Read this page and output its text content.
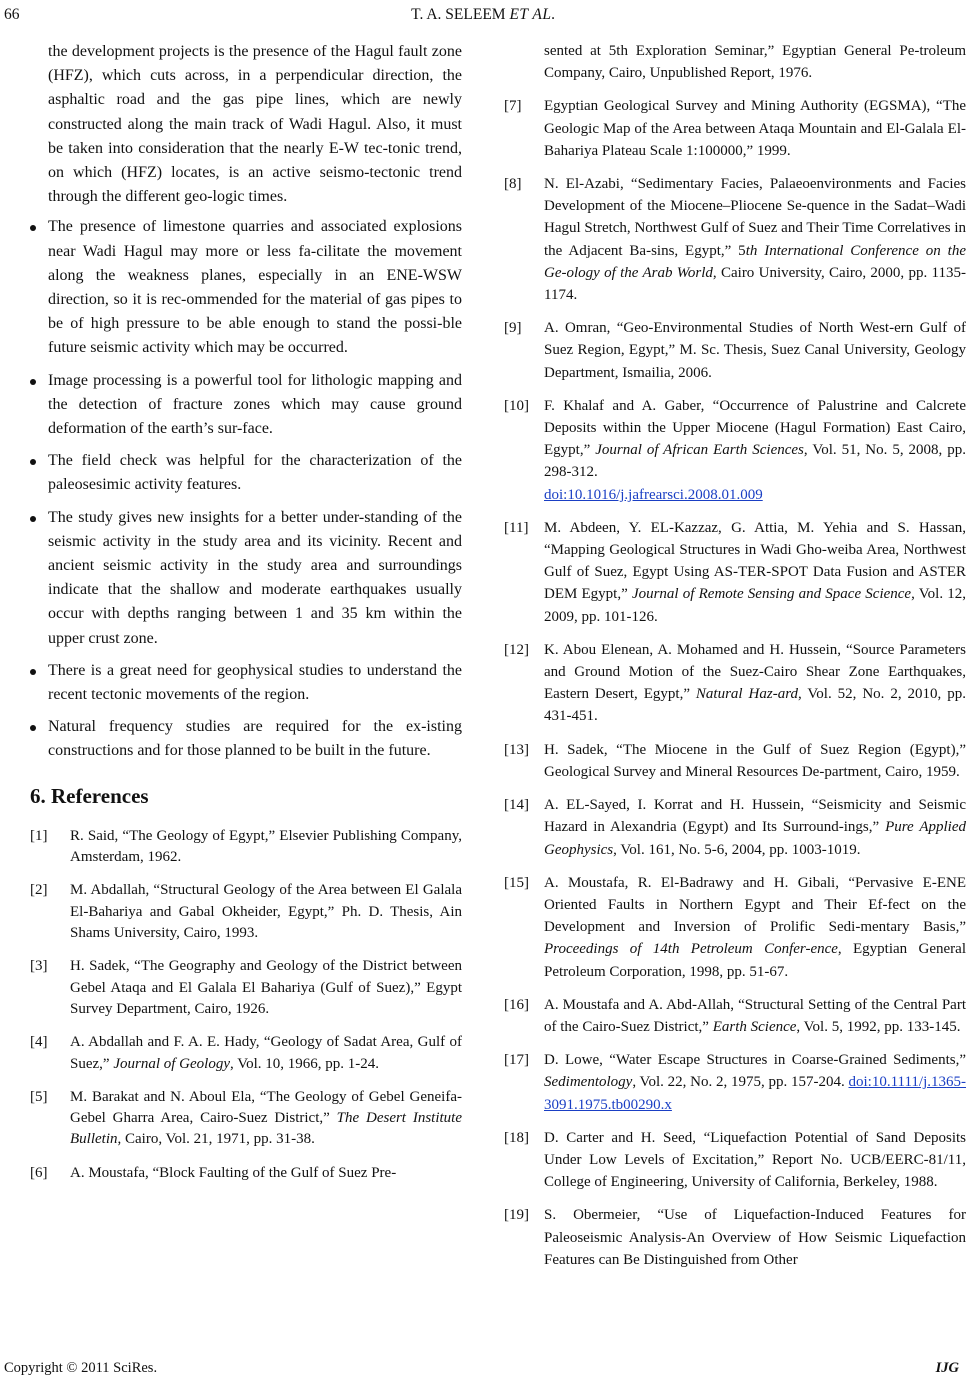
66	T. A. SELEEM ET AL.

the development projects is the presence of the Hagul fault zone (HFZ), which cuts across, in a perpendicular direction, the asphaltic road and the gas pipe lines, which are newly constructed along the main track of Wadi Hagul. Also, it must be taken into consideration that the nearly E-W tec-tonic trend, on which (HFZ) locates, is an active seismo-tectonic trend through the different geo-logic times.

The presence of limestone quarries and associated explosions near Wadi Hagul may more or less fa-cilitate the movement along the weakness planes, especially in an ENE-WSW direction, so it is rec-ommended for the material of gas pipes to be of high pressure to be able enough to stand the possi-ble future seismic activity which may be occurred.
Image processing is a powerful tool for lithologic mapping and the detection of fracture zones which may cause ground deformation of the earth’s sur-face.
The field check was helpful for the characterization of the paleosesimic activity features.
The study gives new insights for a better under-standing of the seismic activity in the study area and its vicinity. Recent and ancient seismic activity in the study area and surroundings indicate that the shallow and moderate earthquakes usually occur with depths ranging between 1 and 35 km within the upper crust zone.
There is a great need for geophysical studies to understand the recent tectonic movements of the region.
Natural frequency studies are required for the ex-isting constructions and for those planned to be built in the future.
6. References
[1]	R. Said, “The Geology of Egypt,” Elsevier Publishing Company, Amsterdam, 1962.
[2]	M. Abdallah, “Structural Geology of the Area between El Galala El-Bahariya and Gabal Okheider, Egypt,” Ph. D. Thesis, Ain Shams University, Cairo, 1993.
[3]	H. Sadek, “The Geography and Geology of the District between Gebel Ataqa and El Galala El Bahariya (Gulf of Suez),” Egypt Survey Department, Cairo, 1926.
[4]	A. Abdallah and F. A. E. Hady, “Geology of Sadat Area, Gulf of Suez,” Journal of Geology, Vol. 10, 1966, pp. 1-24.
[5]	M. Barakat and N. Aboul Ela, “The Geology of Gebel Geneifa-Gebel Gharra Area, Cairo-Suez District,” The Desert Institute Bulletin, Cairo, Vol. 21, 1971, pp. 31-38.
[6]	A. Moustafa, “Block Faulting of the Gulf of Suez Pre-
sented at 5th Exploration Seminar,” Egyptian General Pe-troleum Company, Cairo, Unpublished Report, 1976.
[7]	Egyptian Geological Survey and Mining Authority (EGSMA), “The Geologic Map of the Area between Ataqa Mountain and El-Galala El-Bahariya Plateau Scale 1:100000,” 1999.
[8]	N. El-Azabi, “Sedimentary Facies, Palaeoenvironments and Facies Development of the Miocene–Pliocene Se-quence in the Sadat–Wadi Hagul Stretch, Northwest Gulf of Suez and Their Time Correlatives in the Adjacent Ba-sins, Egypt,” 5th International Conference on the Ge-ology of the Arab World, Cairo University, Cairo, 2000, pp. 1135-1174.
[9]	A. Omran, “Geo-Environmental Studies of North West-ern Gulf of Suez Region, Egypt,” M. Sc. Thesis, Suez Canal University, Geology Department, Ismailia, 2006.
[10]	F. Khalaf and A. Gaber, “Occurrence of Palustrine and Calcrete Deposits within the Upper Miocene (Hagul Formation) East Cairo, Egypt,” Journal of African Earth Sciences, Vol. 51, No. 5, 2008, pp. 298-312.
doi:10.1016/j.jafrearsci.2008.01.009
[11]	M. Abdeen, Y. EL-Kazzaz, G. Attia, M. Yehia and S. Hassan, “Mapping Geological Structures in Wadi Gho-weiba Area, Northwest Gulf of Suez, Egypt Using AS-TER-SPOT Data Fusion and ASTER DEM Egypt,” Journal of Remote Sensing and Space Science, Vol. 12, 2009, pp. 101-126.
[12]	K. Abou Elenean, A. Mohamed and H. Hussein, “Source Parameters and Ground Motion of the Suez-Cairo Shear Zone Earthquakes, Eastern Desert, Egypt,” Natural Haz-ard, Vol. 52, No. 2, 2010, pp. 431-451.
[13]	H. Sadek, “The Miocene in the Gulf of Suez Region (Egypt),” Geological Survey and Mineral Resources De-partment, Cairo, 1959.
[14]	A. EL-Sayed, I. Korrat and H. Hussein, “Seismicity and Seismic Hazard in Alexandria (Egypt) and Its Surround-ings,” Pure Applied Geophysics, Vol. 161, No. 5-6, 2004, pp. 1003-1019.
[15]	A. Moustafa, R. El-Badrawy and H. Gibali, “Pervasive E-ENE Oriented Faults in Northern Egypt and Their Ef-fect on the Development and Inversion of Prolific Sedi-mentary Basis,” Proceedings of 14th Petroleum Confer-ence, Egyptian General Petroleum Corporation, 1998, pp. 51-67.
[16]	A. Moustafa and A. Abd-Allah, “Structural Setting of the Central Part of the Cairo-Suez District,” Earth Science, Vol. 5, 1992, pp. 133-145.
[17]	D. Lowe, “Water Escape Structures in Coarse-Grained Sediments,” Sedimentology, Vol. 22, No. 2, 1975, pp. 157-204. doi:10.1111/j.1365-3091.1975.tb00290.x
[18]	D. Carter and H. Seed, “Liquefaction Potential of Sand Deposits Under Low Levels of Excitation,” Report No. UCB/EERC-81/11, College of Engineering, University of California, Berkeley, 1988.
[19]	S. Obermeier, “Use of Liquefaction-Induced Features for Paleoseismic Analysis-An Overview of How Seismic Liquefaction Features can Be Distinguished from Other
Copyright © 2011 SciRes.	IJG
